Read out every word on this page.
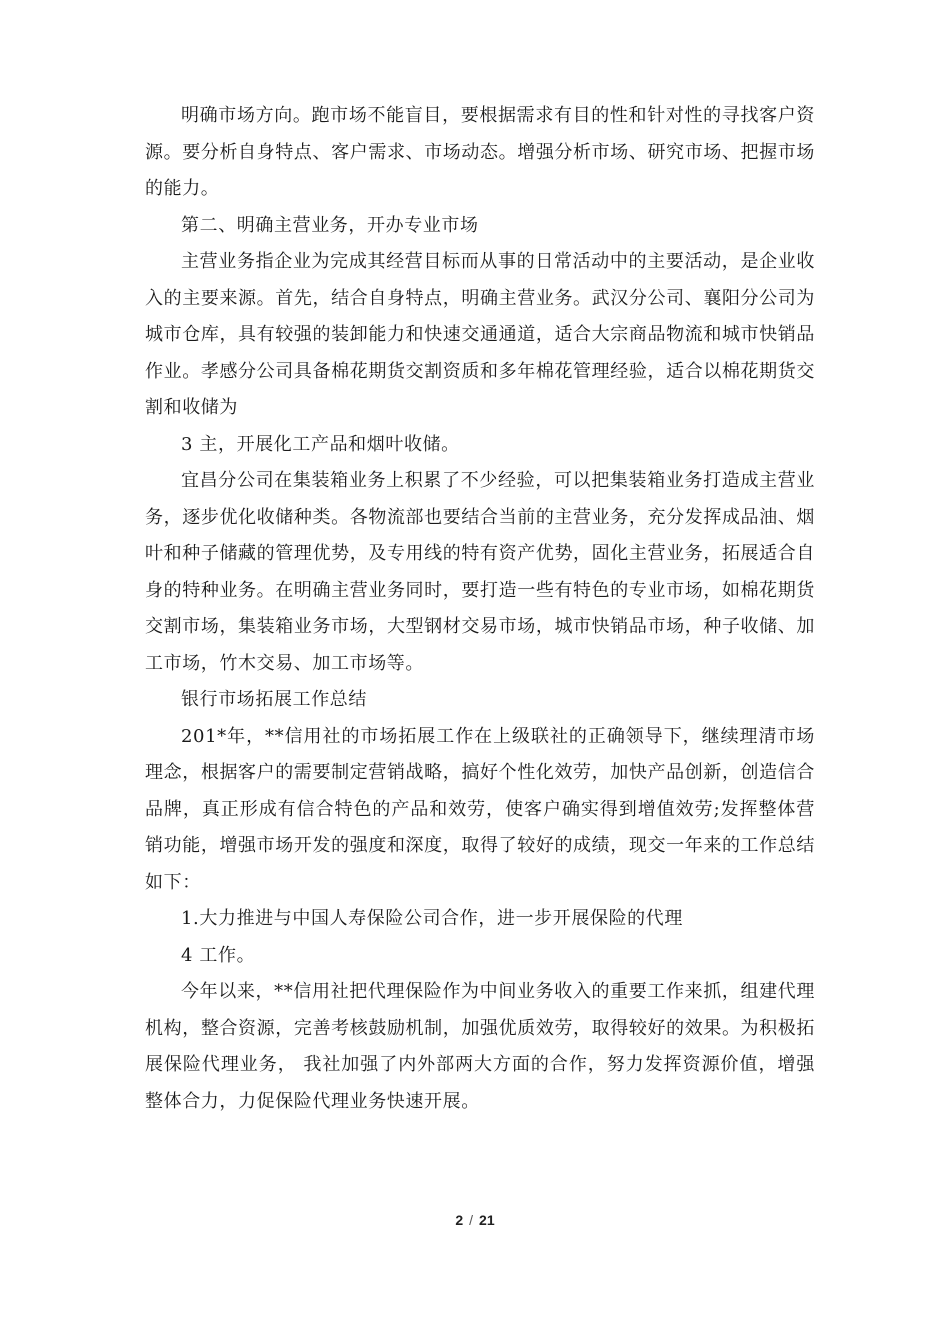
明确市场方向。跑市场不能盲目，要根据需求有目的性和针对性的寻找客户资源。要分析自身特点、客户需求、市场动态。增强分析市场、研究市场、把握市场的能力。

第二、明确主营业务，开办专业市场

主营业务指企业为完成其经营目标而从事的日常活动中的主要活动，是企业收入的主要来源。首先，结合自身特点，明确主营业务。武汉分公司、襄阳分公司为城市仓库，具有较强的装卸能力和快速交通通道，适合大宗商品物流和城市快销品作业。孝感分公司具备棉花期货交割资质和多年棉花管理经验，适合以棉花期货交割和收储为

3 主，开展化工产品和烟叶收储。

宜昌分公司在集装箱业务上积累了不少经验，可以把集装箱业务打造成主营业务，逐步优化收储种类。各物流部也要结合当前的主营业务，充分发挥成品油、烟叶和种子储藏的管理优势，及专用线的特有资产优势，固化主营业务，拓展适合自身的特种业务。在明确主营业务同时，要打造一些有特色的专业市场，如棉花期货交割市场，集装箱业务市场，大型钢材交易市场，城市快销品市场，种子收储、加工市场，竹木交易、加工市场等。

银行市场拓展工作总结

201*年，**信用社的市场拓展工作在上级联社的正确领导下，继续理清市场理念，根据客户的需要制定营销战略，搞好个性化效劳，加快产品创新，创造信合品牌，真正形成有信合特色的产品和效劳，使客户确实得到增值效劳;发挥整体营销功能，增强市场开发的强度和深度，取得了较好的成绩，现交一年来的工作总结如下：

1.大力推进与中国人寿保险公司合作，进一步开展保险的代理

4 工作。

今年以来，**信用社把代理保险作为中间业务收入的重要工作来抓，组建代理机构，整合资源，完善考核鼓励机制，加强优质效劳，取得较好的效果。为积极拓展保险代理业务， 我社加强了内外部两大方面的合作，努力发挥资源价值，增强整体合力，力促保险代理业务快速开展。

2 / 21
